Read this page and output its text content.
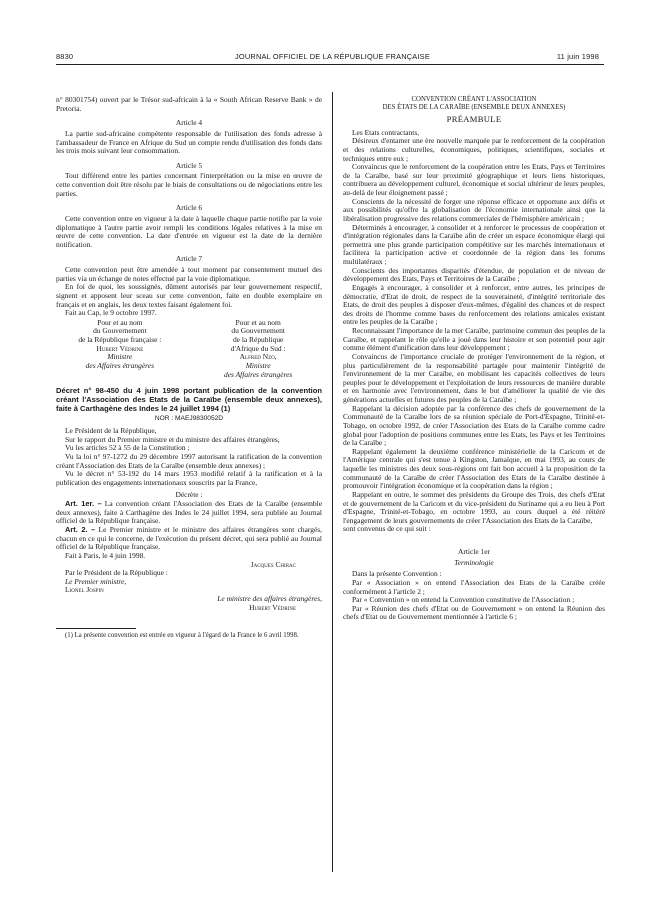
8830	JOURNAL OFFICIEL DE LA RÉPUBLIQUE FRANÇAISE	11 juin 1998

n° 80301754) ouvert par le Trésor sud-africain à la « South African Reserve Bank » de Pretoria.

Article 4

La partie sud-africaine compétente responsable de l'utilisation des fonds adresse à l'ambassadeur de France en Afrique du Sud un compte rendu d'utilisation des fonds dans les trois mois suivant leur consommation.

Article 5

Tout différend entre les parties concernant l'interprétation ou la mise en œuvre de cette convention doit être résolu par le biais de consultations ou de négociations entre les parties.

Article 6

Cette convention entre en vigueur à la date à laquelle chaque partie notifie par la voie diplomatique à l'autre partie avoir rempli les conditions légales relatives à la mise en œuvre de cette convention. La date d'entrée en vigueur est la date de la dernière notification.

Article 7

Cette convention peut être amendée à tout moment par consentement mutuel des parties via un échange de notes effectué par la voie diplomatique.

En foi de quoi, les soussignés, dûment autorisés par leur gouvernement respectif, signent et apposent leur sceau sur cette convention, faite en double exemplaire en français et en anglais, les deux textes faisant également foi.

Fait au Cap, le 9 octobre 1997.

Pour et au nom
du Gouvernement
de la République française :
Hubert Védrine
Ministre
des Affaires étrangères
Pour et au nom
du Gouvernement
de la République
d'Afrique du Sud :
Alfred Nzo,
Ministre
des Affaires étrangères
Décret n° 98-450 du 4 juin 1998 portant publication de la convention créant l'Association des Etats de la Caraïbe (ensemble deux annexes), faite à Carthagène des Indes le 24 juillet 1994 (1)
NOR : MAEJ9830052D

Le Président de la République,

Sur le rapport du Premier ministre et du ministre des affaires étrangères,

Vu les articles 52 à 55 de la Constitution ;

Vu la loi n° 97-1272 du 29 décembre 1997 autorisant la ratification de la convention créant l'Association des Etats de la Caraïbe (ensemble deux annexes) ;

Vu le décret n° 53-192 du 14 mars 1953 modifié relatif à la ratification et à la publication des engagements internationaux souscrits par la France,

Décrète :

Art. 1er. – La convention créant l'Association des Etats de la Caraïbe (ensemble deux annexes), faite à Carthagène des Indes le 24 juillet 1994, sera publiée au Journal officiel de la République française.

Art. 2. – Le Premier ministre et le ministre des affaires étrangères sont chargés, chacun en ce qui le concerne, de l'exécution du présent décret, qui sera publié au Journal officiel de la République française.

Fait à Paris, le 4 juin 1998.

Jacques Chirac

Par le Président de la République :

Le Premier ministre,

Lionel Jospin

Le ministre des affaires étrangères,
Hubert Védrine

(1) La présente convention est entrée en vigueur à l'égard de la France le 6 avril 1998.

CONVENTION CRÉANT L'ASSOCIATION
DES ÉTATS DE LA CARAÏBE (ENSEMBLE DEUX ANNEXES)
PRÉAMBULE

Les Etats contractants,

Désireux d'entamer une ère nouvelle marquée par le renforcement de la coopération et des relations culturelles, économiques, politiques, scientifiques, sociales et techniques entre eux ;

Convaincus que le renforcement de la coopération entre les Etats, Pays et Territoires de la Caraïbe, basé sur leur proximité géographique et leurs liens historiques, contribuera au développement culturel, économique et social ultérieur de leurs peuples, au-delà de leur éloignement passé ;

Conscients de la nécessité de forger une réponse efficace et opportune aux défis et aux possibilités qu'offre la globalisation de l'économie internationale ainsi que la libéralisation progressive des relations commerciales de l'hémisphère américain ;

Déterminés à encourager, à consolider et à renforcer le processus de coopération et d'intégration régionales dans la Caraïbe afin de créer un espace économique élargi qui permettra une plus grande participation compétitive sur les marchés internationaux et facilitera la participation active et coordonnée de la région dans les forums multilatéraux ;

Conscients des importantes disparités d'étendue, de population et de niveau de développement des Etats, Pays et Territoires de la Caraïbe ;

Engagés à encourager, à consolider et à renforcer, entre autres, les principes de démocratie, d'Etat de droit, de respect de la souveraineté, d'intégrité territoriale des Etats, de droit des peuples à disposer d'eux-mêmes, d'égalité des chances et de respect des droits de l'homme comme bases du renforcement des relations amicales existant entre les peuples de la Caraïbe ;

Reconnaissant l'importance de la mer Caraïbe, patrimoine commun des peuples de la Caraïbe, et rappelant le rôle qu'elle a joué dans leur histoire et son potentiel pour agir comme élément d'unification dans leur développement ;

Convaincus de l'importance cruciale de protéger l'environnement de la région, et plus particulièrement de la responsabilité partagée pour maintenir l'intégrité de l'environnement de la mer Caraïbe, en mobilisant les capacités collectives de leurs peuples pour le développement et l'exploitation de leurs ressources de manière durable et en harmonie avec l'environnement, dans le but d'améliorer la qualité de vie des générations actuelles et futures des peuples de la Caraïbe ;

Rappelant la décision adoptée par la conférence des chefs de gouvernement de la Communauté de la Caraïbe lors de sa réunion spéciale de Port-d'Espagne, Trinité-et-Tobago, en octobre 1992, de créer l'Association des Etats de la Caraïbe comme cadre global pour l'adoption de positions communes entre les Etats, les Pays et les Territoires de la Caraïbe ;

Rappelant également la deuxième conférence ministérielle de la Caricom et de l'Amérique centrale qui s'est tenue à Kingston, Jamaïque, en mai 1993, au cours de laquelle les ministres des deux sous-régions ont fait bon accueil à la proposition de la communauté de la Caraïbe de créer l'Association des Etats de la Caraïbe destinée à promouvoir l'intégration économique et la coopération dans la région ;

Rappelant en outre, le sommet des présidents du Groupe des Trois, des chefs d'Etat et de gouvernement de la Caricom et du vice-président du Suriname qui a eu lieu à Port d'Espagne, Trinité-et-Tobago, en octobre 1993, au cours duquel a été réitéré l'engagement de leurs gouvernements de créer l'Association des Etats de la Caraïbe,

sont convenus de ce qui suit :

Article 1er
Terminologie

Dans la présente Convention :

Par « Association » on entend l'Association des Etats de la Caraïbe créée conformément à l'article 2 ;

Par « Convention » on entend la Convention constitutive de l'Association ;

Par « Réunion des chefs d'Etat ou de Gouvernement » on entend la Réunion des chefs d'Etat ou de Gouvernement mentionnée à l'article 6 ;
